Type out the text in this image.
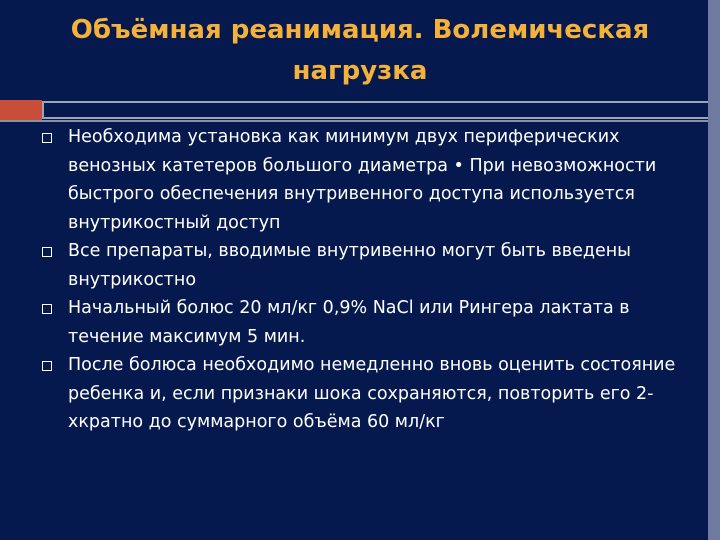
Объёмная реанимация. Волемическая нагрузка
Необходима установка как минимум двух периферических венозных катетеров большого диаметра • При невозможности быстрого обеспечения внутривенного доступа используется внутрикостный доступ
Все препараты, вводимые внутривенно могут быть введены внутрикостно
Начальный болюс 20 мл/кг 0,9% NaCl или Рингера лактата в течение максимум 5 мин.
После болюса необходимо немедленно вновь оценить состояние ребенка и, если признаки шока сохраняются, повторить его 2-хкратно до суммарного объёма 60 мл/кг
